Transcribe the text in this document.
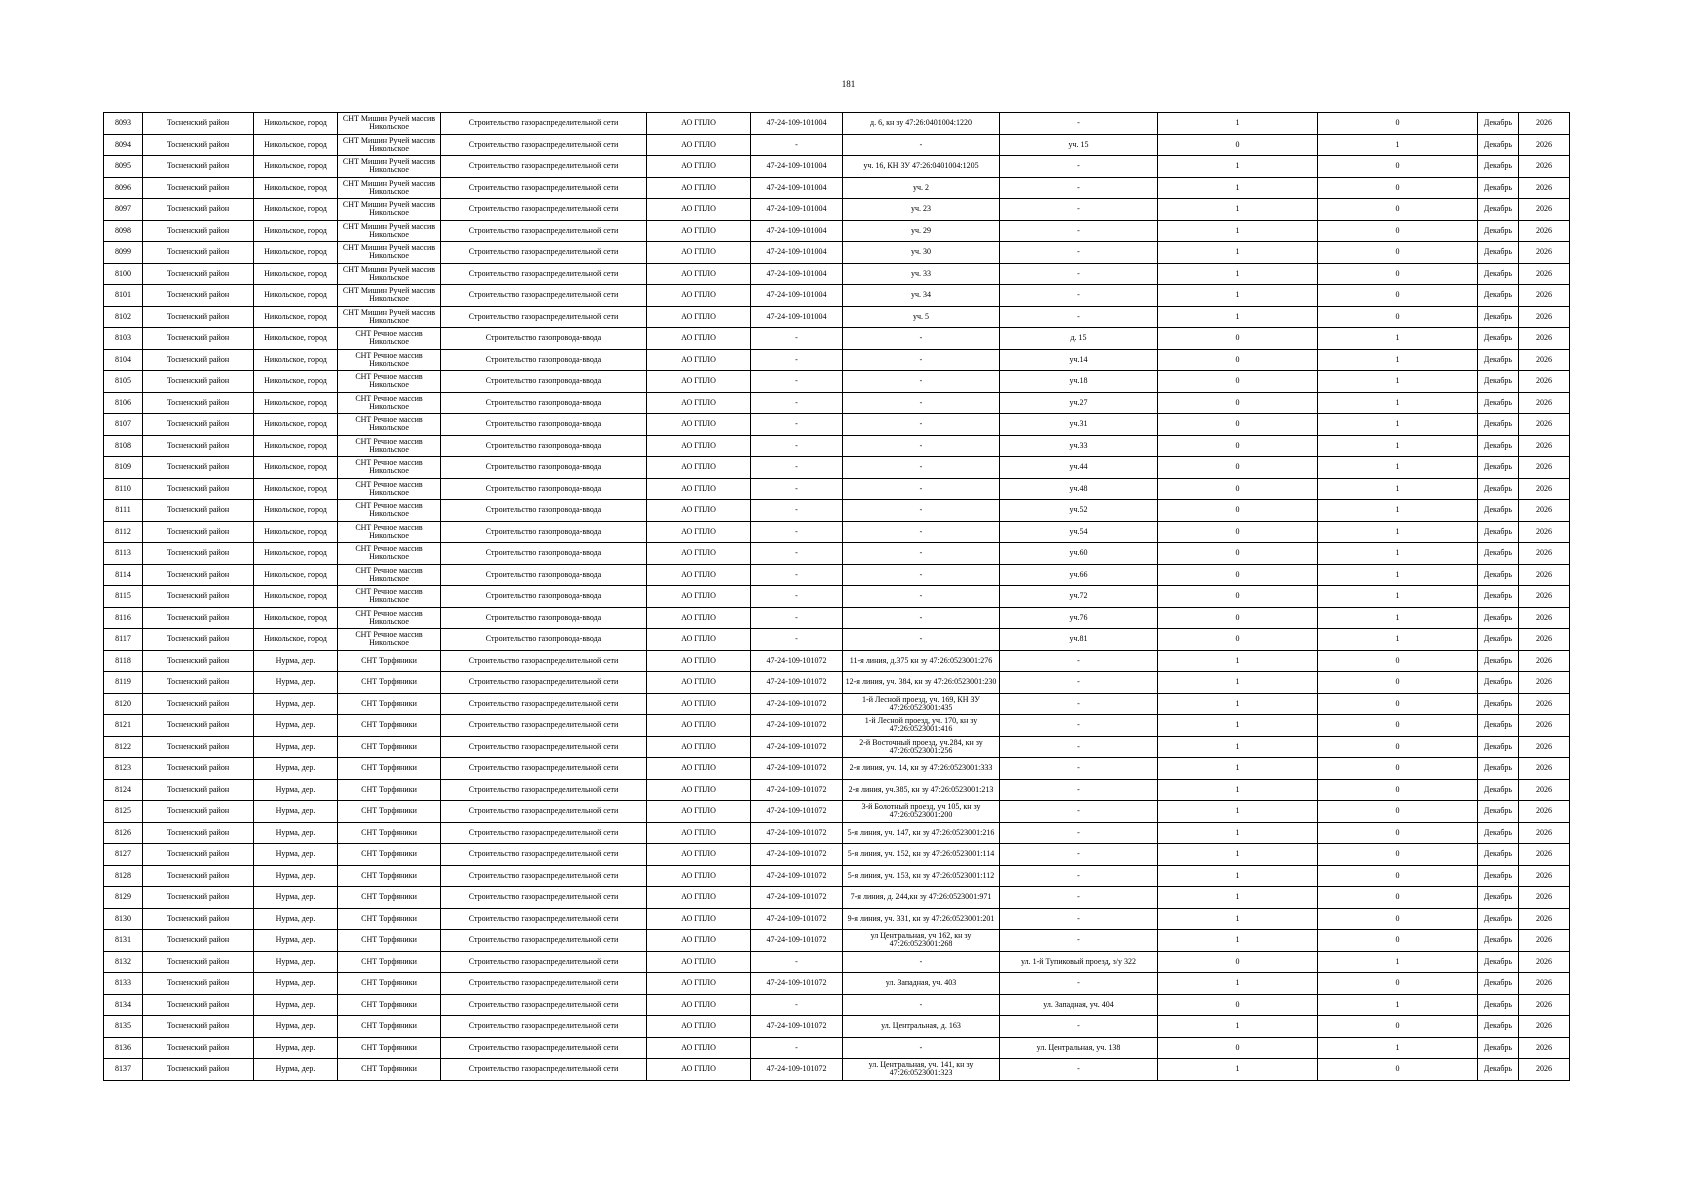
181
8093	Тосненский район	Никольское, город	СНТ Мишин Ручей массив Никольское	Строительство газораспределительной сети	АО ГПЛО	47-24-109-101004	д. 6, кн зу 47:26:0401004:1220	-	1	0	Декабрь	2026
8094	Тосненский район	Никольское, город	СНТ Мишин Ручей массив Никольское	Строительство газораспределительной сети	АО ГПЛО	-	-	уч. 15	0	1	Декабрь	2026
8095	Тосненский район	Никольское, город	СНТ Мишин Ручей массив Никольское	Строительство газораспределительной сети	АО ГПЛО	47-24-109-101004	уч. 16, КН ЗУ 47:26:0401004:1205	-	1	0	Декабрь	2026
8096	Тосненский район	Никольское, город	СНТ Мишин Ручей массив Никольское	Строительство газораспределительной сети	АО ГПЛО	47-24-109-101004	уч. 2	-	1	0	Декабрь	2026
8097	Тосненский район	Никольское, город	СНТ Мишин Ручей массив Никольское	Строительство газораспределительной сети	АО ГПЛО	47-24-109-101004	уч. 23	-	1	0	Декабрь	2026
8098	Тосненский район	Никольское, город	СНТ Мишин Ручей массив Никольское	Строительство газораспределительной сети	АО ГПЛО	47-24-109-101004	уч. 29	-	1	0	Декабрь	2026
8099	Тосненский район	Никольское, город	СНТ Мишин Ручей массив Никольское	Строительство газораспределительной сети	АО ГПЛО	47-24-109-101004	уч. 30	-	1	0	Декабрь	2026
8100	Тосненский район	Никольское, город	СНТ Мишин Ручей массив Никольское	Строительство газораспределительной сети	АО ГПЛО	47-24-109-101004	уч. 33	-	1	0	Декабрь	2026
8101	Тосненский район	Никольское, город	СНТ Мишин Ручей массив Никольское	Строительство газораспределительной сети	АО ГПЛО	47-24-109-101004	уч. 34	-	1	0	Декабрь	2026
8102	Тосненский район	Никольское, город	СНТ Мишин Ручей массив Никольское	Строительство газораспределительной сети	АО ГПЛО	47-24-109-101004	уч. 5	-	1	0	Декабрь	2026
8103	Тосненский район	Никольское, город	СНТ Речное массив Никольское	Строительство газопровода-ввода	АО ГПЛО	-	-	д. 15	0	1	Декабрь	2026
8104	Тосненский район	Никольское, город	СНТ Речное массив Никольское	Строительство газопровода-ввода	АО ГПЛО	-	-	уч.14	0	1	Декабрь	2026
8105	Тосненский район	Никольское, город	СНТ Речное массив Никольское	Строительство газопровода-ввода	АО ГПЛО	-	-	уч.18	0	1	Декабрь	2026
8106	Тосненский район	Никольское, город	СНТ Речное массив Никольское	Строительство газопровода-ввода	АО ГПЛО	-	-	уч.27	0	1	Декабрь	2026
8107	Тосненский район	Никольское, город	СНТ Речное массив Никольское	Строительство газопровода-ввода	АО ГПЛО	-	-	уч.31	0	1	Декабрь	2026
8108	Тосненский район	Никольское, город	СНТ Речное массив Никольское	Строительство газопровода-ввода	АО ГПЛО	-	-	уч.33	0	1	Декабрь	2026
8109	Тосненский район	Никольское, город	СНТ Речное массив Никольское	Строительство газопровода-ввода	АО ГПЛО	-	-	уч.44	0	1	Декабрь	2026
8110	Тосненский район	Никольское, город	СНТ Речное массив Никольское	Строительство газопровода-ввода	АО ГПЛО	-	-	уч.48	0	1	Декабрь	2026
8111	Тосненский район	Никольское, город	СНТ Речное массив Никольское	Строительство газопровода-ввода	АО ГПЛО	-	-	уч.52	0	1	Декабрь	2026
8112	Тосненский район	Никольское, город	СНТ Речное массив Никольское	Строительство газопровода-ввода	АО ГПЛО	-	-	уч.54	0	1	Декабрь	2026
8113	Тосненский район	Никольское, город	СНТ Речное массив Никольское	Строительство газопровода-ввода	АО ГПЛО	-	-	уч.60	0	1	Декабрь	2026
8114	Тосненский район	Никольское, город	СНТ Речное массив Никольское	Строительство газопровода-ввода	АО ГПЛО	-	-	уч.66	0	1	Декабрь	2026
8115	Тосненский район	Никольское, город	СНТ Речное массив Никольское	Строительство газопровода-ввода	АО ГПЛО	-	-	уч.72	0	1	Декабрь	2026
8116	Тосненский район	Никольское, город	СНТ Речное массив Никольское	Строительство газопровода-ввода	АО ГПЛО	-	-	уч.76	0	1	Декабрь	2026
8117	Тосненский район	Никольское, город	СНТ Речное массив Никольское	Строительство газопровода-ввода	АО ГПЛО	-	-	уч.81	0	1	Декабрь	2026
8118	Тосненский район	Нурма, дер.	СНТ Торфяники	Строительство газораспределительной сети	АО ГПЛО	47-24-109-101072	11-я линия, д.375 кн зу 47:26:0523001:276	-	1	0	Декабрь	2026
8119	Тосненский район	Нурма, дер.	СНТ Торфяники	Строительство газораспределительной сети	АО ГПЛО	47-24-109-101072	12-я линия, уч. 384, кн зу 47:26:0523001:230	-	1	0	Декабрь	2026
8120	Тосненский район	Нурма, дер.	СНТ Торфяники	Строительство газораспределительной сети	АО ГПЛО	47-24-109-101072	1-й Лесной проезд, уч. 169, КН ЗУ 47:26:0523001:435	-	1	0	Декабрь	2026
8121	Тосненский район	Нурма, дер.	СНТ Торфяники	Строительство газораспределительной сети	АО ГПЛО	47-24-109-101072	1-й Лесной проезд, уч. 170, кн зу 47:26:0523001:416	-	1	0	Декабрь	2026
8122	Тосненский район	Нурма, дер.	СНТ Торфяники	Строительство газораспределительной сети	АО ГПЛО	47-24-109-101072	2-й Восточный проезд, уч.284, кн зу 47:26:0523001:256	-	1	0	Декабрь	2026
8123	Тосненский район	Нурма, дер.	СНТ Торфяники	Строительство газораспределительной сети	АО ГПЛО	47-24-109-101072	2-я линия, уч. 14, кн зу 47:26:0523001:333	-	1	0	Декабрь	2026
8124	Тосненский район	Нурма, дер.	СНТ Торфяники	Строительство газораспределительной сети	АО ГПЛО	47-24-109-101072	2-я линия, уч.385, кн зу 47:26:0523001:213	-	1	0	Декабрь	2026
8125	Тосненский район	Нурма, дер.	СНТ Торфяники	Строительство газораспределительной сети	АО ГПЛО	47-24-109-101072	3-й Болотный проезд, уч 105, кн зу 47:26:0523001:200	-	1	0	Декабрь	2026
8126	Тосненский район	Нурма, дер.	СНТ Торфяники	Строительство газораспределительной сети	АО ГПЛО	47-24-109-101072	5-я линия, уч. 147, кн зу 47:26:0523001:216	-	1	0	Декабрь	2026
8127	Тосненский район	Нурма, дер.	СНТ Торфяники	Строительство газораспределительной сети	АО ГПЛО	47-24-109-101072	5-я линия, уч. 152, кн зу 47:26:0523001:114	-	1	0	Декабрь	2026
8128	Тосненский район	Нурма, дер.	СНТ Торфяники	Строительство газораспределительной сети	АО ГПЛО	47-24-109-101072	5-я линия, уч. 153, кн зу 47:26:0523001:112	-	1	0	Декабрь	2026
8129	Тосненский район	Нурма, дер.	СНТ Торфяники	Строительство газораспределительной сети	АО ГПЛО	47-24-109-101072	7-я линия, д. 244,кн зу 47:26:0523001:971	-	1	0	Декабрь	2026
8130	Тосненский район	Нурма, дер.	СНТ Торфяники	Строительство газораспределительной сети	АО ГПЛО	47-24-109-101072	9-я линия, уч. 331, кн зу 47:26:0523001:201	-	1	0	Декабрь	2026
8131	Тосненский район	Нурма, дер.	СНТ Торфяники	Строительство газораспределительной сети	АО ГПЛО	47-24-109-101072	ул Центральная, уч 162, кн зу 47:26:0523001:268	-	1	0	Декабрь	2026
8132	Тосненский район	Нурма, дер.	СНТ Торфяники	Строительство газораспределительной сети	АО ГПЛО	-	-	ул. 1-й Тупиковый проезд, з/у 322	0	1	Декабрь	2026
8133	Тосненский район	Нурма, дер.	СНТ Торфяники	Строительство газораспределительной сети	АО ГПЛО	47-24-109-101072	ул. Западная, уч. 403	-	1	0	Декабрь	2026
8134	Тосненский район	Нурма, дер.	СНТ Торфяники	Строительство газораспределительной сети	АО ГПЛО	-	-	ул. Западная, уч. 404	0	1	Декабрь	2026
8135	Тосненский район	Нурма, дер.	СНТ Торфяники	Строительство газораспределительной сети	АО ГПЛО	47-24-109-101072	ул. Центральная, д. 163	-	1	0	Декабрь	2026
8136	Тосненский район	Нурма, дер.	СНТ Торфяники	Строительство газораспределительной сети	АО ГПЛО	-	-	ул. Центральная, уч. 138	0	1	Декабрь	2026
8137	Тосненский район	Нурма, дер.	СНТ Торфяники	Строительство газораспределительной сети	АО ГПЛО	47-24-109-101072	ул. Центральная, уч. 141, кн зу 47:26:0523001:323	-	1	0	Декабрь	2026
